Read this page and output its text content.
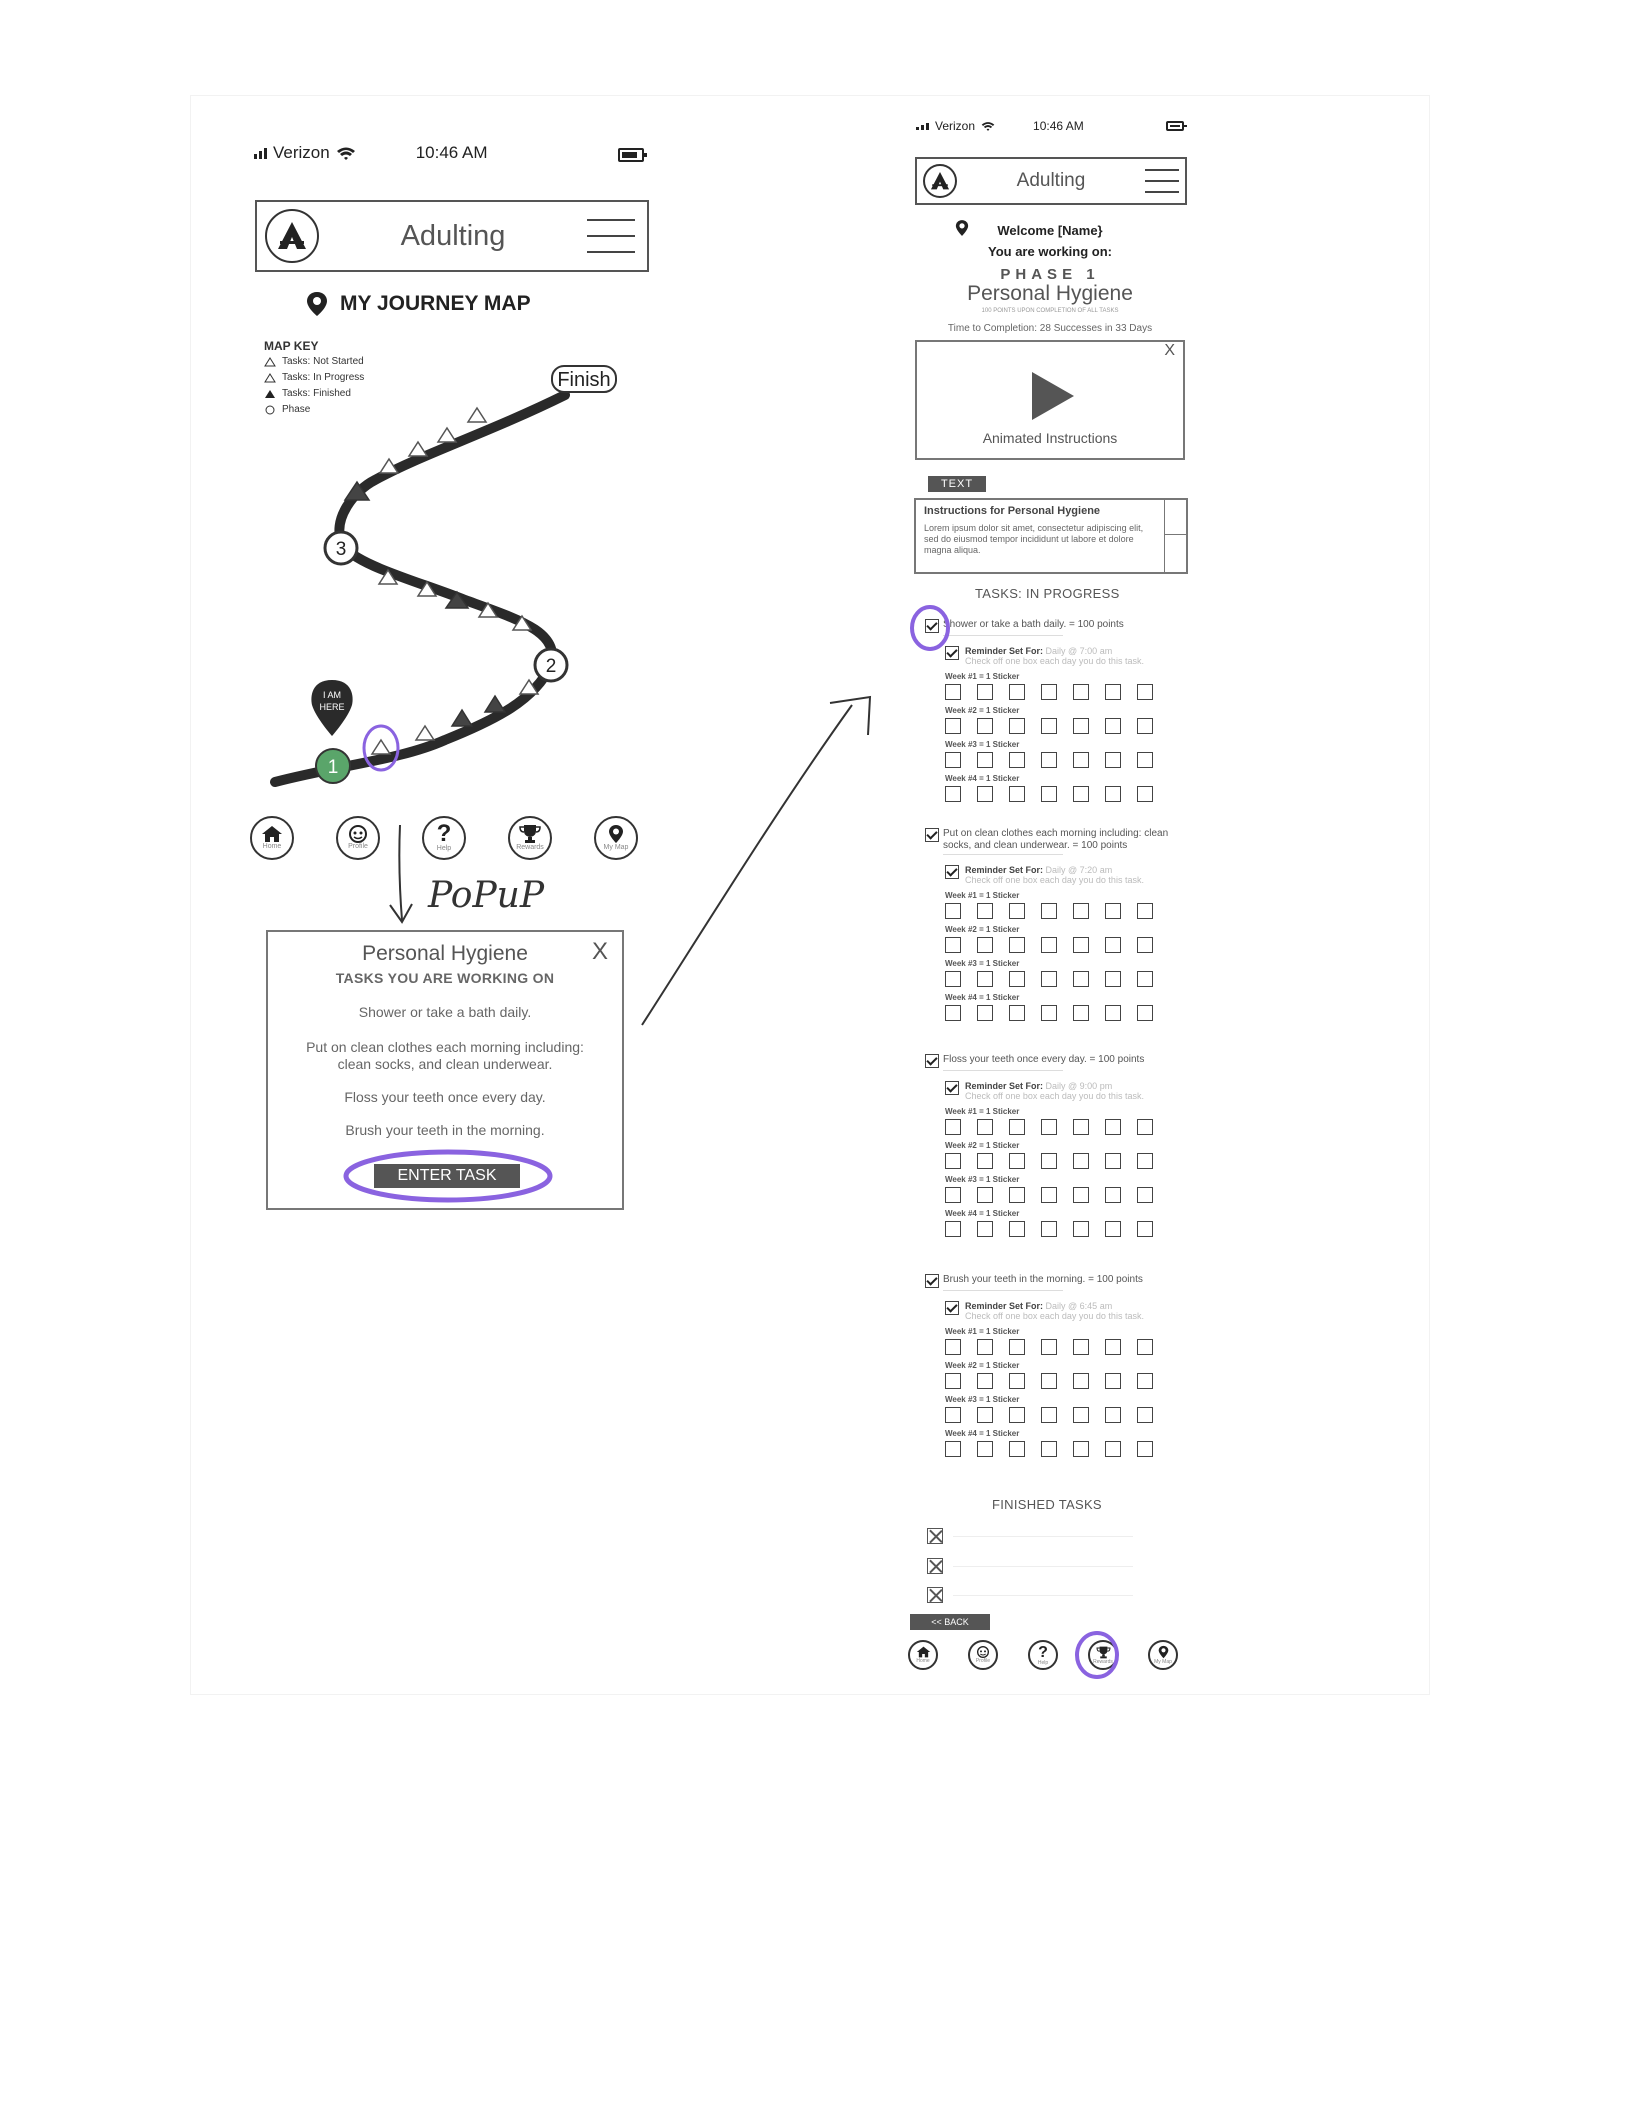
Verizon	10:46 AM
Adulting
MY JOURNEY MAP
MAP KEY
Tasks: Not Started
Tasks: In Progress
Tasks: Finished
Phase
3
2
1
I AM
HERE
Finish
Home	Profile	?
Help	Rewards	My Map
PoPuP
X
Personal Hygiene
TASKS YOU ARE WORKING ON
Shower or take a bath daily.
Put on clean clothes each morning including: clean socks, and clean underwear.
Floss your teeth once every day.
Brush your teeth in the morning.
ENTER TASK
Verizon	10:46 AM
Adulting
Welcome [Name}
You are working on:
PHASE 1
Personal Hygiene
100 POINTS UPON COMPLETION OF ALL TASKS
Time to Completion: 28 Successes in 33 Days
X
Animated Instructions
TEXT
Instructions for Personal Hygiene
Lorem ipsum dolor sit amet, consectetur adipiscing elit, sed do eiusmod tempor incididunt ut labore et dolore magna aliqua.
TASKS: IN PROGRESS
Shower or take a bath daily. = 100 points
Reminder Set For: Daily @ 7:00 am
Check off one box each day you do this task.
Week #1 = 1 Sticker
Week #2 = 1 Sticker
Week #3 = 1 Sticker
Week #4 = 1 Sticker
Put on clean clothes each morning including: clean socks, and clean underwear. = 100 points
Reminder Set For: Daily @ 7:20 am
Check off one box each day you do this task.
Week #1 = 1 Sticker
Week #2 = 1 Sticker
Week #3 = 1 Sticker
Week #4 = 1 Sticker
Floss your teeth once every day. = 100 points
Reminder Set For: Daily @ 9:00 pm
Check off one box each day you do this task.
Week #1 = 1 Sticker
Week #2 = 1 Sticker
Week #3 = 1 Sticker
Week #4 = 1 Sticker
Brush your teeth in the morning. = 100 points
Reminder Set For: Daily @ 6:45 am
Check off one box each day you do this task.
Week #1 = 1 Sticker
Week #2 = 1 Sticker
Week #3 = 1 Sticker
Week #4 = 1 Sticker
FINISHED TASKS
<< BACK
Home	Profile
?
Help	Rewards	My Map
